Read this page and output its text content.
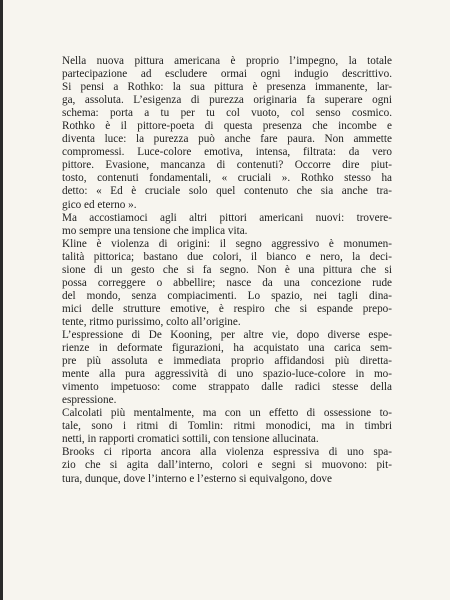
Nella nuova pittura americana è proprio l’impegno, la totale
partecipazione ad escludere ormai ogni indugio descrittivo.
Si pensi a Rothko: la sua pittura è presenza immanente, lar-
ga, assoluta. L’esigenza di purezza originaria fa superare ogni
schema: porta a tu per tu col vuoto, col senso cosmico.
Rothko è il pittore-poeta di questa presenza che incombe e
diventa luce: la purezza può anche fare paura. Non ammette
compromessi. Luce-colore emotiva, intensa, filtrata: da vero
pittore. Evasione, mancanza di contenuti? Occorre dire piut-
tosto, contenuti fondamentali, « cruciali ». Rothko stesso ha
detto: « Ed è cruciale solo quel contenuto che sia anche tra-
gico ed eterno ».
Ma accostiamoci agli altri pittori americani nuovi: trovere-
mo sempre una tensione che implica vita.
Kline è violenza di origini: il segno aggressivo è monumen-
talità pittorica; bastano due colori, il bianco e nero, la deci-
sione di un gesto che si fa segno. Non è una pittura che si
possa correggere o abbellire; nasce da una concezione rude
del mondo, senza compiacimenti. Lo spazio, nei tagli dina-
mici delle strutture emotive, è respiro che si espande prepo-
tente, ritmo purissimo, colto all’origine.
L’espressione di De Kooning, per altre vie, dopo diverse espe-
rienze in deformate figurazioni, ha acquistato una carica sem-
pre più assoluta e immediata proprio affidandosi più diretta-
mente alla pura aggressività di uno spazio-luce-colore in mo-
vimento impetuoso: come strappato dalle radici stesse della
espressione.
Calcolati più mentalmente, ma con un effetto di ossessione to-
tale, sono i ritmi di Tomlin: ritmi monodici, ma in timbri
netti, in rapporti cromatici sottili, con tensione allucinata.
Brooks ci riporta ancora alla violenza espressiva di uno spa-
zio che si agita dall’interno, colori e segni si muovono: pit-
tura, dunque, dove l’interno e l’esterno si equivalgono, dove
